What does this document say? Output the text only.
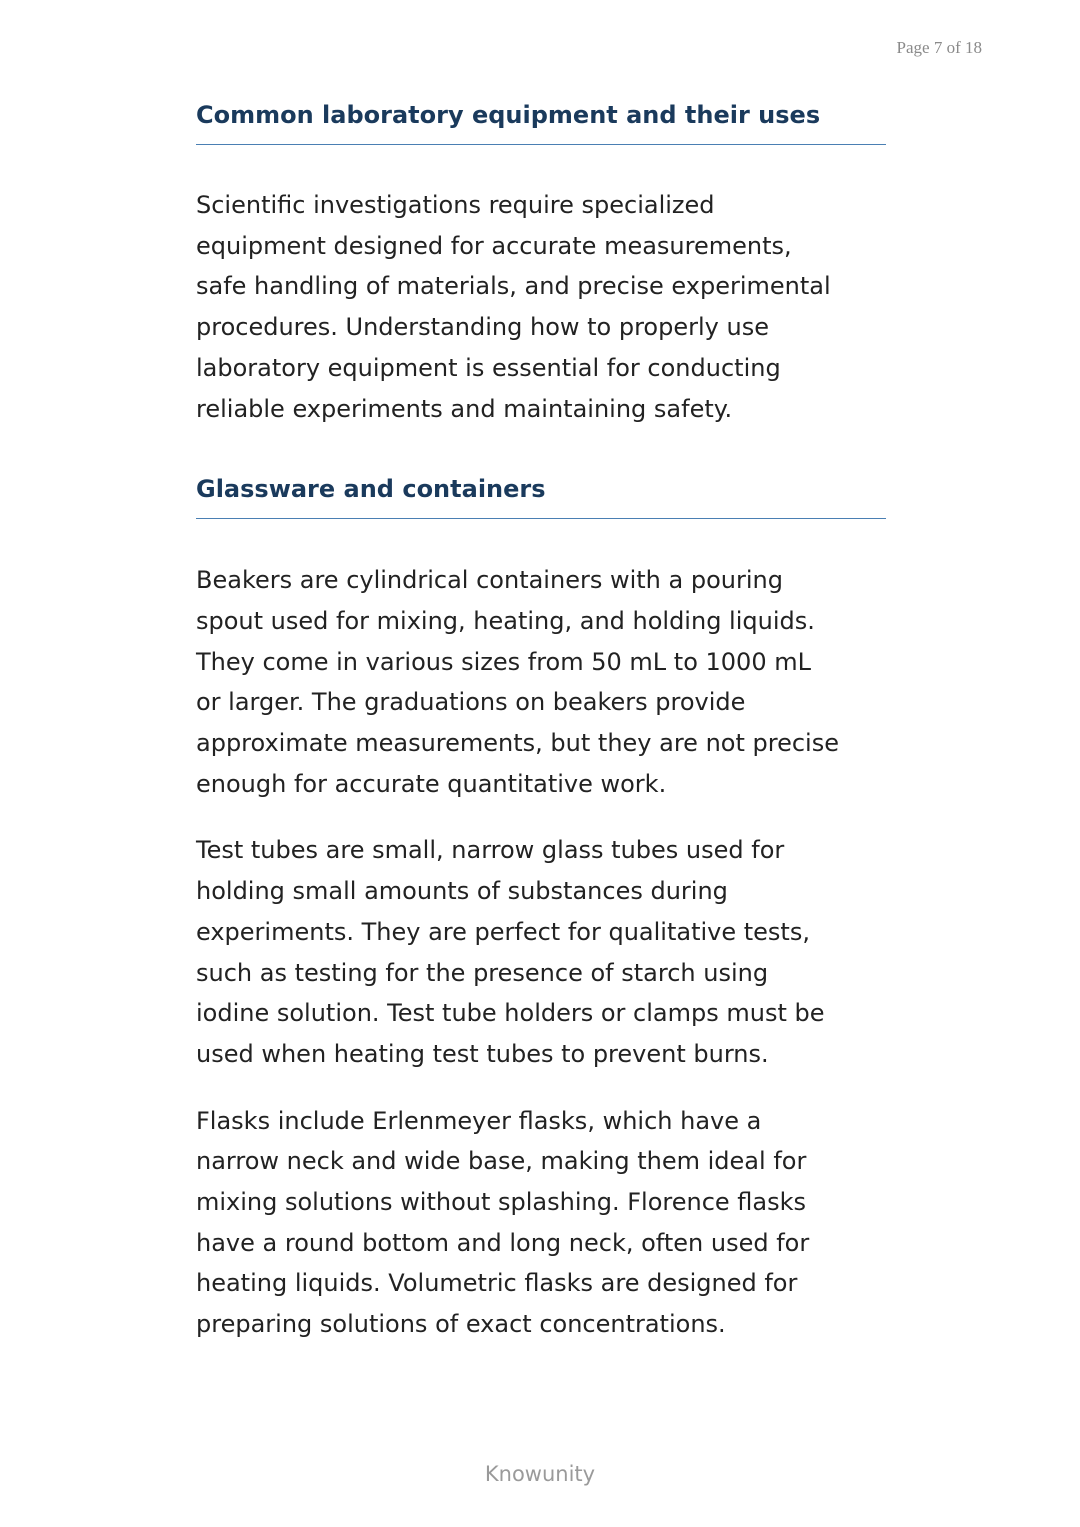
Page 7 of 18
Common laboratory equipment and their uses

Scientific investigations require specialized
equipment designed for accurate measurements,
safe handling of materials, and precise experimental
procedures. Understanding how to properly use
laboratory equipment is essential for conducting
reliable experiments and maintaining safety.

Glassware and containers

Beakers are cylindrical containers with a pouring
spout used for mixing, heating, and holding liquids.
They come in various sizes from 50 mL to 1000 mL
or larger. The graduations on beakers provide
approximate measurements, but they are not precise
enough for accurate quantitative work.

Test tubes are small, narrow glass tubes used for
holding small amounts of substances during
experiments. They are perfect for qualitative tests,
such as testing for the presence of starch using
iodine solution. Test tube holders or clamps must be
used when heating test tubes to prevent burns.

Flasks include Erlenmeyer flasks, which have a
narrow neck and wide base, making them ideal for
mixing solutions without splashing. Florence flasks
have a round bottom and long neck, often used for
heating liquids. Volumetric flasks are designed for
preparing solutions of exact concentrations.

Knowunity
